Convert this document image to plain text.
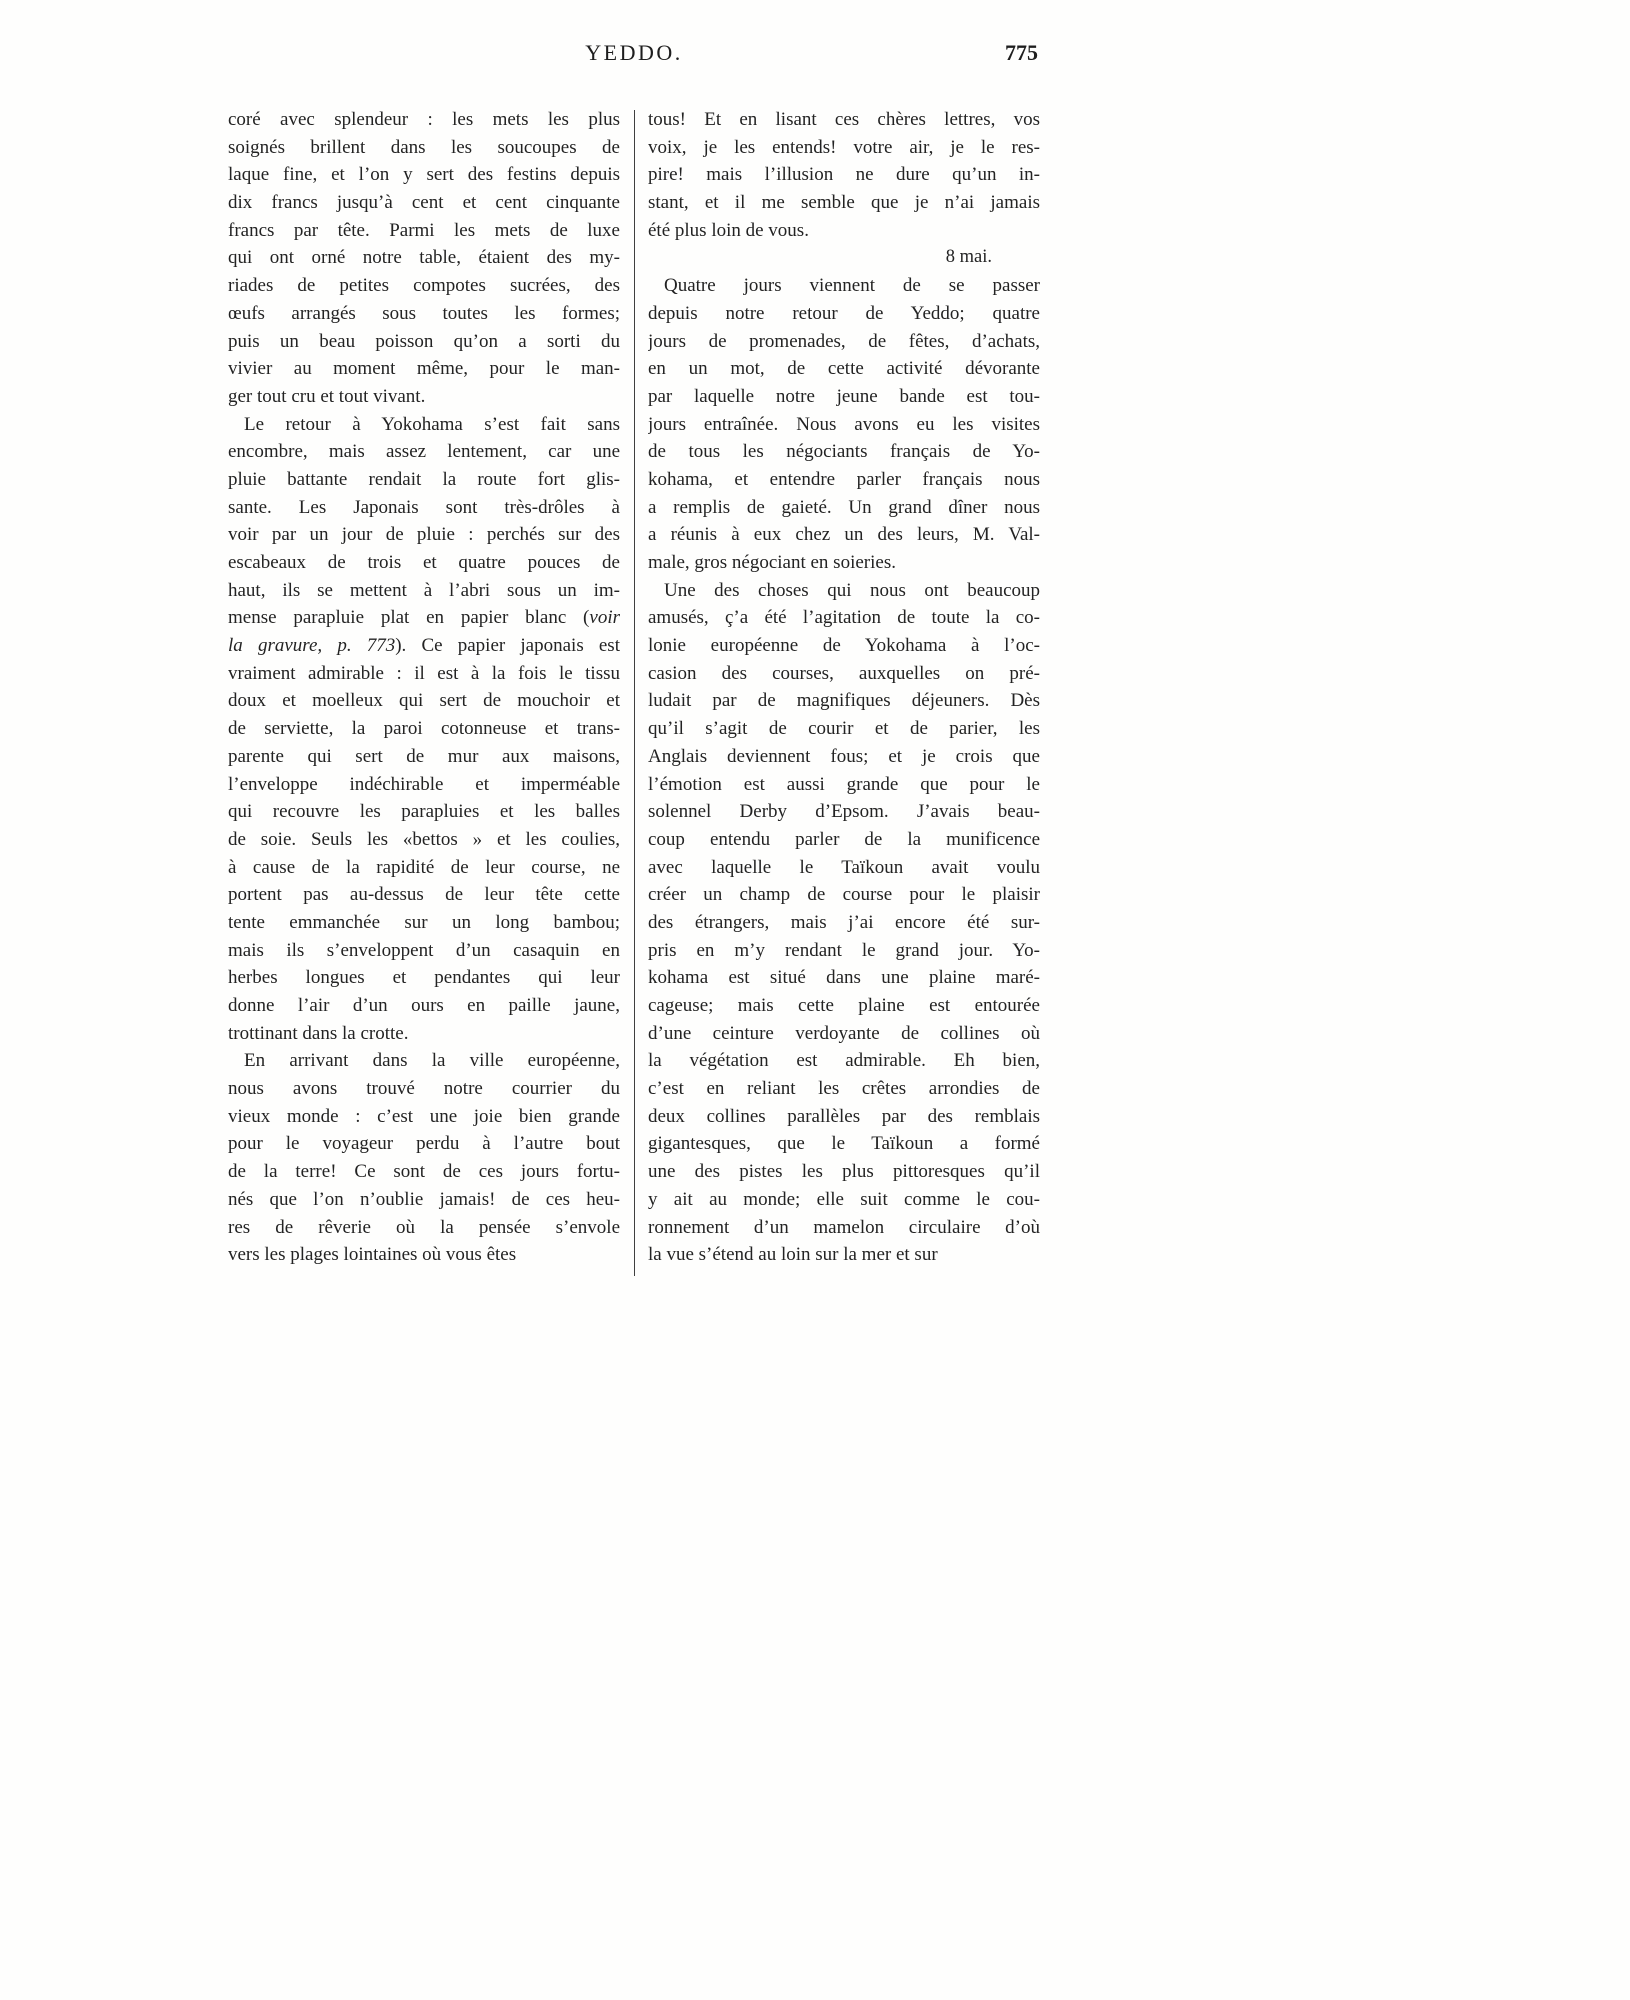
YEDDO.	775
coré avec splendeur : les mets les plus
soignés brillent dans les soucoupes de
laque fine, et l’on y sert des festins depuis
dix francs jusqu’à cent et cent cinquante
francs par tête. Parmi les mets de luxe
qui ont orné notre table, étaient des my-
riades de petites compotes sucrées, des
œufs arrangés sous toutes les formes;
puis un beau poisson qu’on a sorti du
vivier au moment même, pour le man-
ger tout cru et tout vivant.
Le retour à Yokohama s’est fait sans
encombre, mais assez lentement, car une
pluie battante rendait la route fort glis-
sante. Les Japonais sont très-drôles à
voir par un jour de pluie : perchés sur des
escabeaux de trois et quatre pouces de
haut, ils se mettent à l’abri sous un im-
mense parapluie plat en papier blanc (voir
la gravure, p. 773). Ce papier japonais est
vraiment admirable : il est à la fois le tissu
doux et moelleux qui sert de mouchoir et
de serviette, la paroi cotonneuse et trans-
parente qui sert de mur aux maisons,
l’enveloppe indéchirable et imperméable
qui recouvre les parapluies et les balles
de soie. Seuls les «bettos » et les coulies,
à cause de la rapidité de leur course, ne
portent pas au-dessus de leur tête cette
tente emmanchée sur un long bambou;
mais ils s’enveloppent d’un casaquin en
herbes longues et pendantes qui leur
donne l’air d’un ours en paille jaune,
trottinant dans la crotte.
En arrivant dans la ville européenne,
nous avons trouvé notre courrier du
vieux monde : c’est une joie bien grande
pour le voyageur perdu à l’autre bout
de la terre! Ce sont de ces jours fortu-
nés que l’on n’oublie jamais! de ces heu-
res de rêverie où la pensée s’envole
vers les plages lointaines où vous êtes
tous! Et en lisant ces chères lettres, vos
voix, je les entends! votre air, je le res-
pire! mais l’illusion ne dure qu’un in-
stant, et il me semble que je n’ai jamais
été plus loin de vous.
8 mai.
Quatre jours viennent de se passer
depuis notre retour de Yeddo; quatre
jours de promenades, de fêtes, d’achats,
en un mot, de cette activité dévorante
par laquelle notre jeune bande est tou-
jours entraînée. Nous avons eu les visites
de tous les négociants français de Yo-
kohama, et entendre parler français nous
a remplis de gaieté. Un grand dîner nous
a réunis à eux chez un des leurs, M. Val-
male, gros négociant en soieries.
Une des choses qui nous ont beaucoup
amusés, ç’a été l’agitation de toute la co-
lonie européenne de Yokohama à l’oc-
casion des courses, auxquelles on pré-
ludait par de magnifiques déjeuners. Dès
qu’il s’agit de courir et de parier, les
Anglais deviennent fous; et je crois que
l’émotion est aussi grande que pour le
solennel Derby d’Epsom. J’avais beau-
coup entendu parler de la munificence
avec laquelle le Taïkoun avait voulu
créer un champ de course pour le plaisir
des étrangers, mais j’ai encore été sur-
pris en m’y rendant le grand jour. Yo-
kohama est situé dans une plaine maré-
cageuse; mais cette plaine est entourée
d’une ceinture verdoyante de collines où
la végétation est admirable. Eh bien,
c’est en reliant les crêtes arrondies de
deux collines parallèles par des remblais
gigantesques, que le Taïkoun a formé
une des pistes les plus pittoresques qu’il
y ait au monde; elle suit comme le cou-
ronnement d’un mamelon circulaire d’où
la vue s’étend au loin sur la mer et sur
